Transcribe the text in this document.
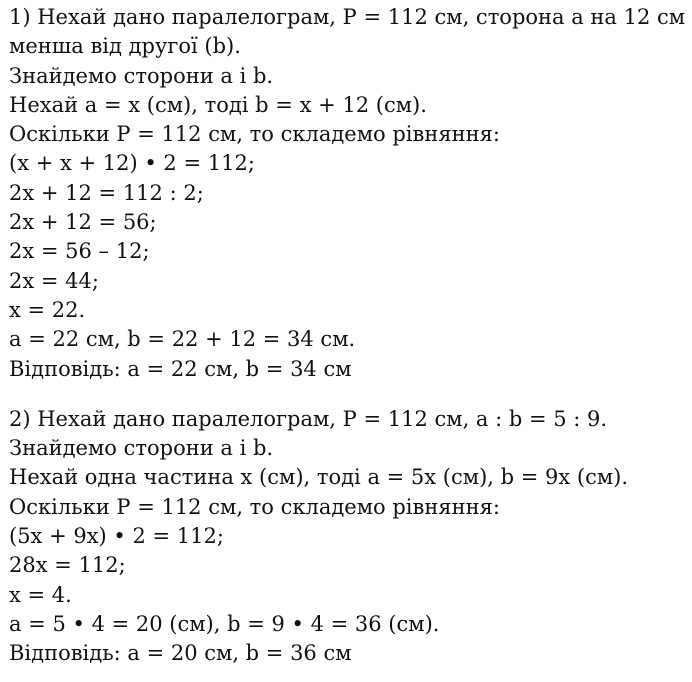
1) Нехай дано паралелограм, P = 112 см, сторона a на 12 см
менша від другої (b).
Знайдемо сторони a і b.
Нехай a = x (см), тоді b = x + 12 (см).
Оскільки P = 112 см, то складемо рівняння:
(x + x + 12) • 2 = 112;
2x + 12 = 112 : 2;
2x + 12 = 56;
2x = 56 – 12;
2x = 44;
x = 22.
a = 22 см, b = 22 + 12 = 34 см.
Відповідь: a = 22 см, b = 34 см
2) Нехай дано паралелограм, P = 112 см, a : b = 5 : 9.
Знайдемо сторони a і b.
Нехай одна частина x (см), тоді a = 5x (см), b = 9x (см).
Оскільки P = 112 см, то складемо рівняння:
(5x + 9x) • 2 = 112;
28x = 112;
x = 4.
a = 5 • 4 = 20 (см), b = 9 • 4 = 36 (см).
Відповідь: a = 20 см, b = 36 см
